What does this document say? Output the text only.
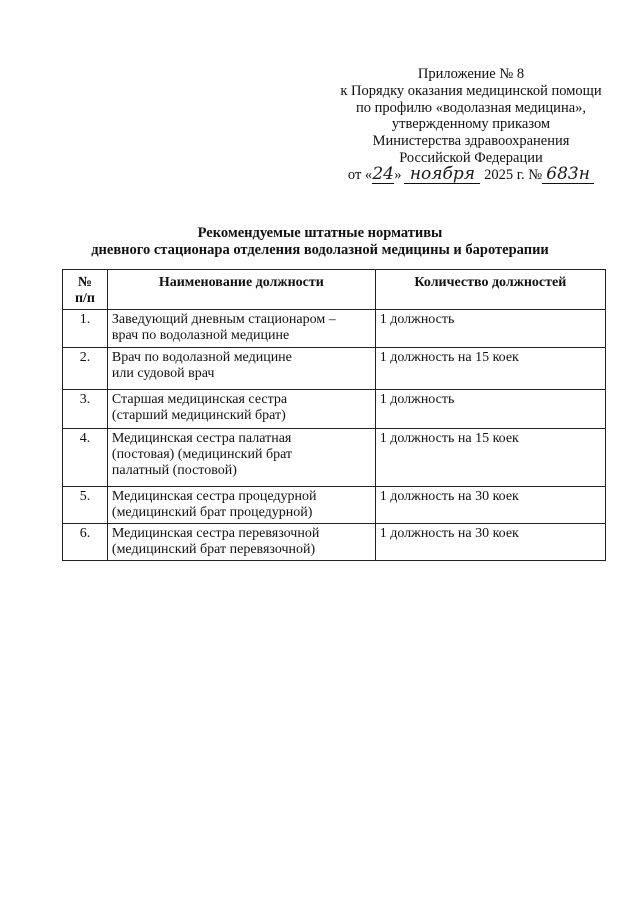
Приложение № 8
к Порядку оказания медицинской помощи
по профилю «водолазная медицина»,
утвержденному приказом
Министерства здравоохранения
Российской Федерации
от «24» ноября 2025 г. № 683н
Рекомендуемые штатные нормативы
дневного стационара отделения водолазной медицины и баротерапии
№
п/п	Наименование должности	Количество должностей
1.	Заведующий дневным стационаром –
врач по водолазной медицине	1 должность
2.	Врач по водолазной медицине
или судовой врач	1 должность на 15 коек
3.	Старшая медицинская сестра
(старший медицинский брат)	1 должность
4.	Медицинская сестра палатная
(постовая) (медицинский брат
палатный (постовой)	1 должность на 15 коек
5.	Медицинская сестра процедурной
(медицинский брат процедурной)	1 должность на 30 коек
6.	Медицинская сестра перевязочной
(медицинский брат перевязочной)	1 должность на 30 коек
